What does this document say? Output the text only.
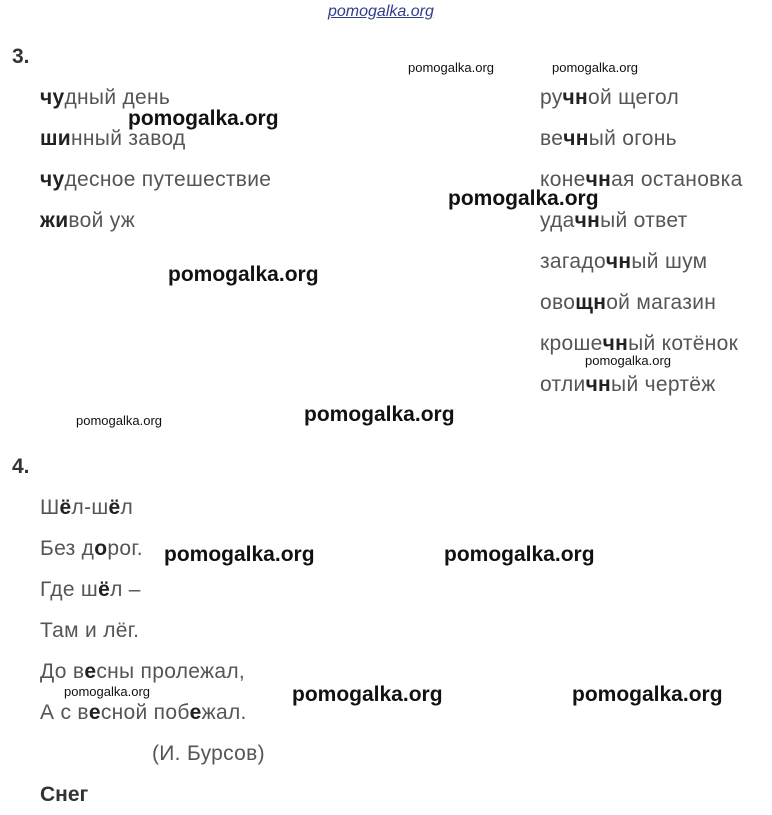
pomogalka.org
3.
чудный день
шинный завод
чудесное путешествие
живой уж
ручной щегол
вечный огонь
конечная остановка
удачный ответ
загадочный шум
овощной магазин
крошечный котёнок
отличный чертёж
4.
Шёл-шёл
Без дорог.
Где шёл –
Там и лёг.
До весны пролежал,
А с весной побежал.
(И. Бурсов)
Снег
pomogalka.org	pomogalka.org
pomogalka.org
pomogalka.org
pomogalka.org
pomogalka.org
pomogalka.org	pomogalka.org
pomogalka.org	pomogalka.org
pomogalka.org	pomogalka.org	pomogalka.org
